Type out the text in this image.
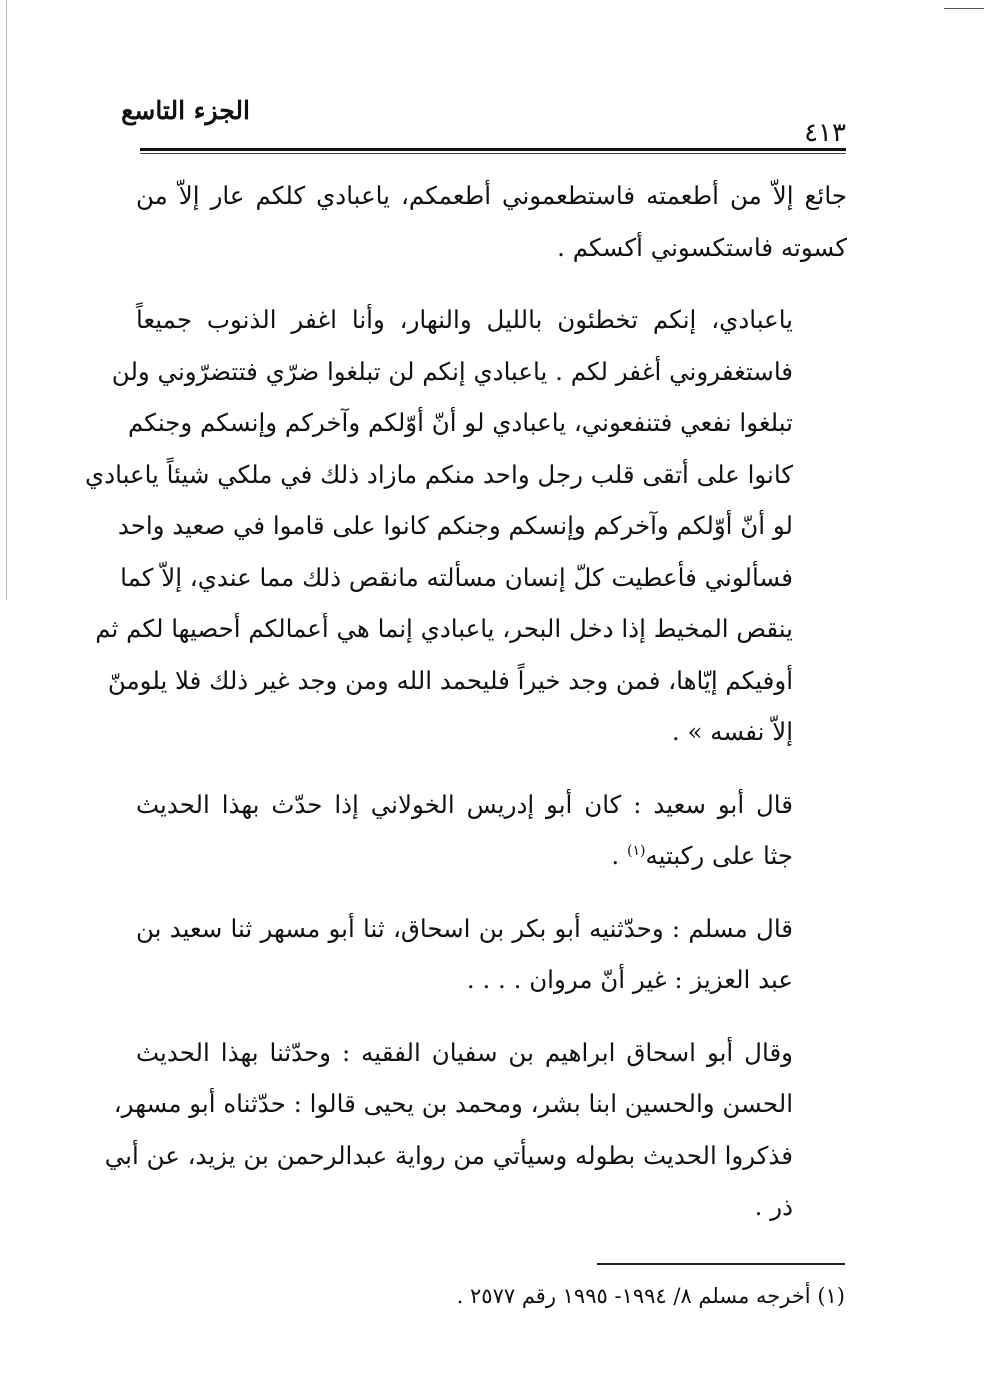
الجزء التاسع
٤١٣

جائع إلاّ من أطعمته فاستطعموني أطعمكم، ياعبادي كلكم عار إلاّ من
كسوته فاستكسوني أكسكم .

ياعبادي، إنكم تخطئون بالليل والنهار، وأنا اغفر الذنوب جميعاً
فاستغفروني أغفر لكم . ياعبادي إنكم لن تبلغوا ضرّي فتتضرّوني ولن
تبلغوا نفعي فتنفعوني، ياعبادي لو أنّ أوّلكم وآخركم وإنسكم وجنكم
كانوا على أتقى قلب رجل واحد منكم مازاد ذلك في ملكي شيئاً ياعبادي
لو أنّ أوّلكم وآخركم وإنسكم وجنكم كانوا على قاموا في صعيد واحد
فسألوني فأعطيت كلّ إنسان مسألته مانقص ذلك مما عندي، إلاّ كما
ينقص المخيط إذا دخل البحر، ياعبادي إنما هي أعمالكم أحصيها لكم ثم
أوفيكم إيّاها، فمن وجد خيراً فليحمد الله ومن وجد غير ذلك فلا يلومنّ
إلاّ نفسه » .

قال أبو سعيد : كان أبو إدريس الخولاني إذا حدّث بهذا الحديث
جثا على ركبتيه$^{(١)}$ .

قال مسلم : وحدّثنيه أبو بكر بن اسحاق، ثنا أبو مسهر ثنا سعيد بن
عبد العزيز : غير أنّ مروان . . . .

وقال أبو اسحاق ابراهيم بن سفيان الفقيه : وحدّثنا بهذا الحديث
الحسن والحسين ابنا بشر، ومحمد بن يحيى قالوا : حدّثناه أبو مسهر،
فذكروا الحديث بطوله وسيأتي من رواية عبدالرحمن بن يزيد، عن أبي
ذر .

(١) أخرجه مسلم ٨/ ١٩٩٤- ١٩٩٥ رقم ٢٥٧٧ .
